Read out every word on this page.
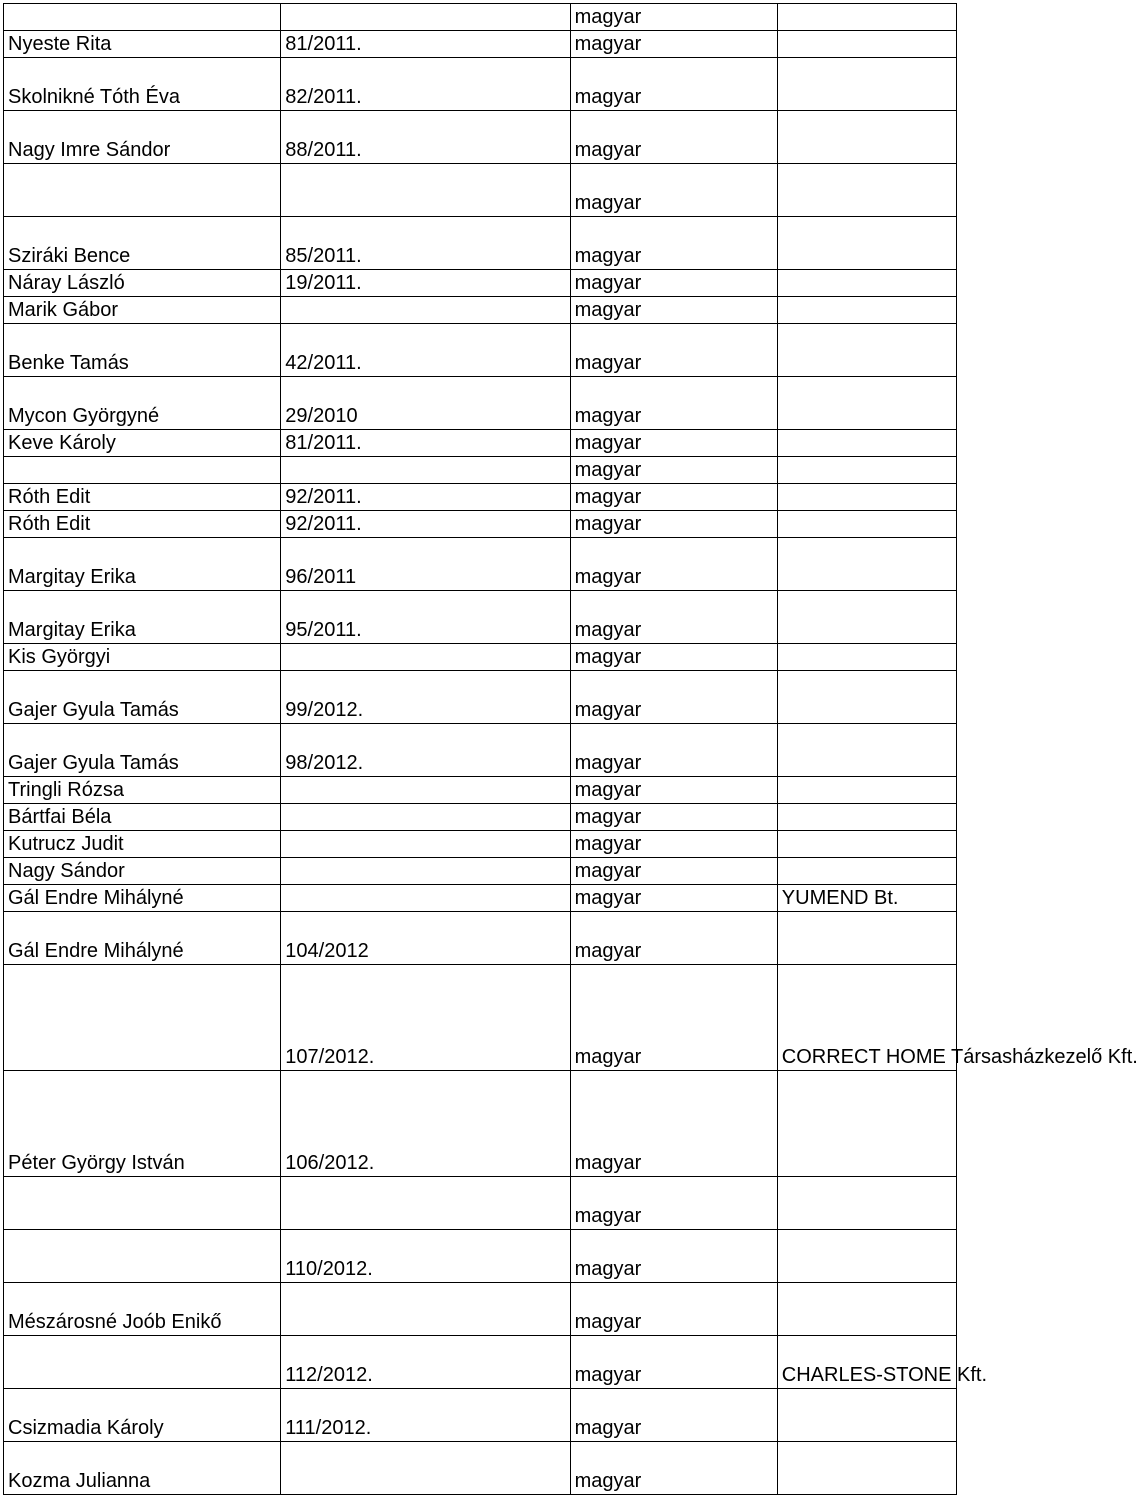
		magyar	
Nyeste Rita	81/2011.	magyar	
Skolnikné Tóth Éva	82/2011.	magyar	
Nagy Imre Sándor	88/2011.	magyar	
		magyar	
Sziráki Bence	85/2011.	magyar	
Náray László	19/2011.	magyar	
Marik Gábor		magyar	
Benke Tamás	42/2011.	magyar	
Mycon Györgyné	29/2010	magyar	
Keve Károly	81/2011.	magyar	
		magyar	
Róth Edit	92/2011.	magyar	
Róth Edit	92/2011.	magyar	
Margitay Erika	96/2011	magyar	
Margitay Erika	95/2011.	magyar	
Kis Györgyi		magyar	
Gajer Gyula Tamás	99/2012.	magyar	
Gajer Gyula Tamás	98/2012.	magyar	
Tringli Rózsa		magyar	
Bártfai Béla		magyar	
Kutrucz Judit		magyar	
Nagy Sándor		magyar	
Gál Endre Mihályné		magyar	YUMEND Bt.
Gál Endre Mihályné	104/2012	magyar	
	107/2012.	magyar	CORRECT HOME Társasházkezelő Kft.
Péter György István	106/2012.	magyar	
		magyar	
	110/2012.	magyar	
Mészárosné Joób Enikő		magyar	
	112/2012.	magyar	CHARLES-STONE Kft.
Csizmadia Károly	111/2012.	magyar	
Kozma Julianna		magyar	
